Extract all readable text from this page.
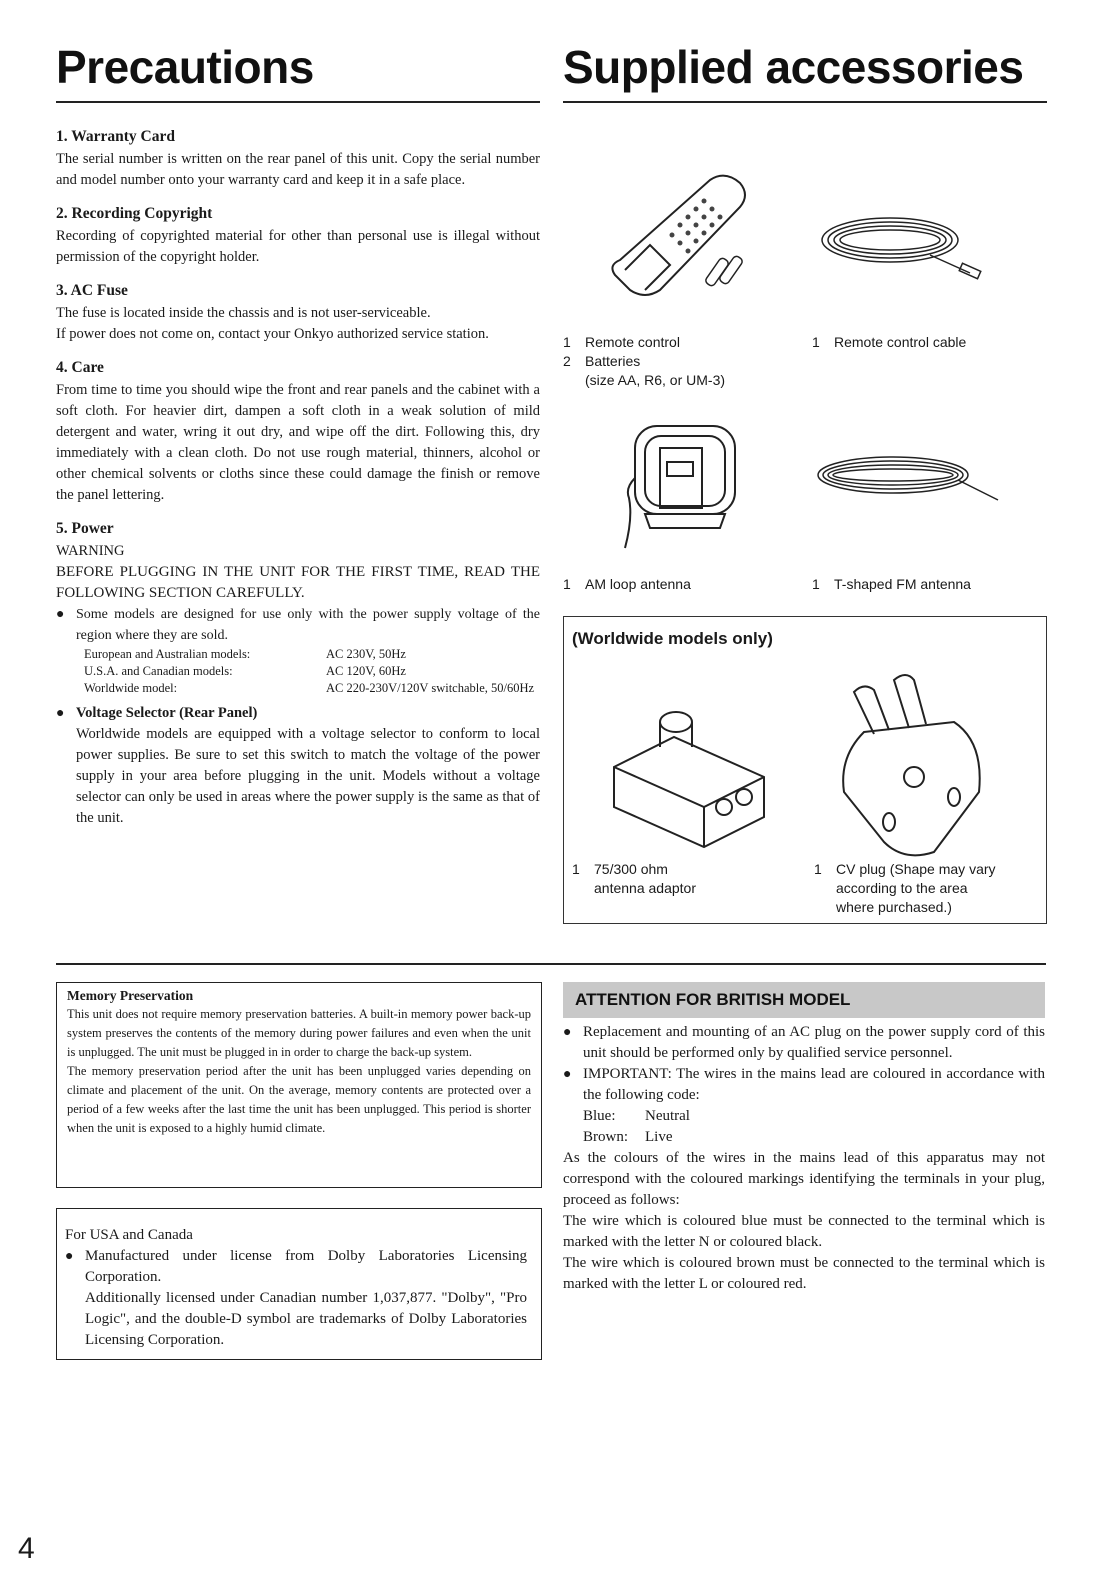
Precautions	Supplied accessories
1. Warranty Card

The serial number is written on the rear panel of this unit. Copy the serial number and model number onto your warranty card and keep it in a safe place.

2. Recording Copyright

Recording of copyrighted material for other than personal use is illegal without permission of the copyright holder.

3. AC Fuse

The fuse is located inside the chassis and is not user-serviceable.

If power does not come on, contact your Onkyo authorized service station.

4. Care

From time to time you should wipe the front and rear panels and the cabinet with a soft cloth. For heavier dirt, dampen a soft cloth in a weak solution of mild detergent and water, wring it out dry, and wipe off the dirt. Following this, dry immediately with a clean cloth. Do not use rough material, thinners, alcohol or other chemical solvents or cloths since these could damage the finish or remove the panel lettering.

5. Power

WARNING

BEFORE PLUGGING IN THE UNIT FOR THE FIRST TIME, READ THE FOLLOWING SECTION CAREFULLY.

● Some models are designed for use only with the power supply voltage of the region where they are sold.

European and Australian models:	AC 230V, 50Hz
U.S.A. and Canadian models:	AC 120V, 60Hz
Worldwide model:	AC 220-230V/120V switchable, 50/60Hz
● Voltage Selector (Rear Panel)

Worldwide models are equipped with a voltage selector to conform to local power supplies. Be sure to set this switch to match the voltage of the power supply in your area before plugging in the unit. Models without a voltage selector can only be used in areas where the power supply is the same as that of the unit.

1 Remote control
2 Batteries
(size AA, R6, or UM-3)
1 Remote control cable
1 AM loop antenna	1 T-shaped FM antenna
(Worldwide models only)
1 75/300 ohm
antenna adaptor
1 CV plug (Shape may vary
according to the area
where purchased.)
Memory Preservation

This unit does not require memory preservation batteries. A built-in memory power back-up system preserves the contents of the memory during power failures and even when the unit is unplugged. The unit must be plugged in in order to charge the back-up system.

The memory preservation period after the unit has been unplugged varies depending on climate and placement of the unit. On the average, memory contents are protected over a period of a few weeks after the last time the unit has been unplugged. This period is shorter when the unit is exposed to a highly humid climate.

For USA and Canada
● Manufactured under license from Dolby Laboratories Licensing Corporation.

Additionally licensed under Canadian number 1,037,877. "Dolby", "Pro Logic", and the double-D symbol are trademarks of Dolby Laboratories Licensing Corporation.

ATTENTION FOR BRITISH MODEL
● Replacement and mounting of an AC plug on the power supply cord of this unit should be performed only by qualified service personnel.

● IMPORTANT: The wires in the mains lead are coloured in accordance with the following code:

Blue: Neutral
Brown: Live

As the colours of the wires in the mains lead of this apparatus may not correspond with the coloured markings identifying the terminals in your plug, proceed as follows:

The wire which is coloured blue must be connected to the terminal which is marked with the letter N or coloured black.

The wire which is coloured brown must be connected to the terminal which is marked with the letter L or coloured red.

4
